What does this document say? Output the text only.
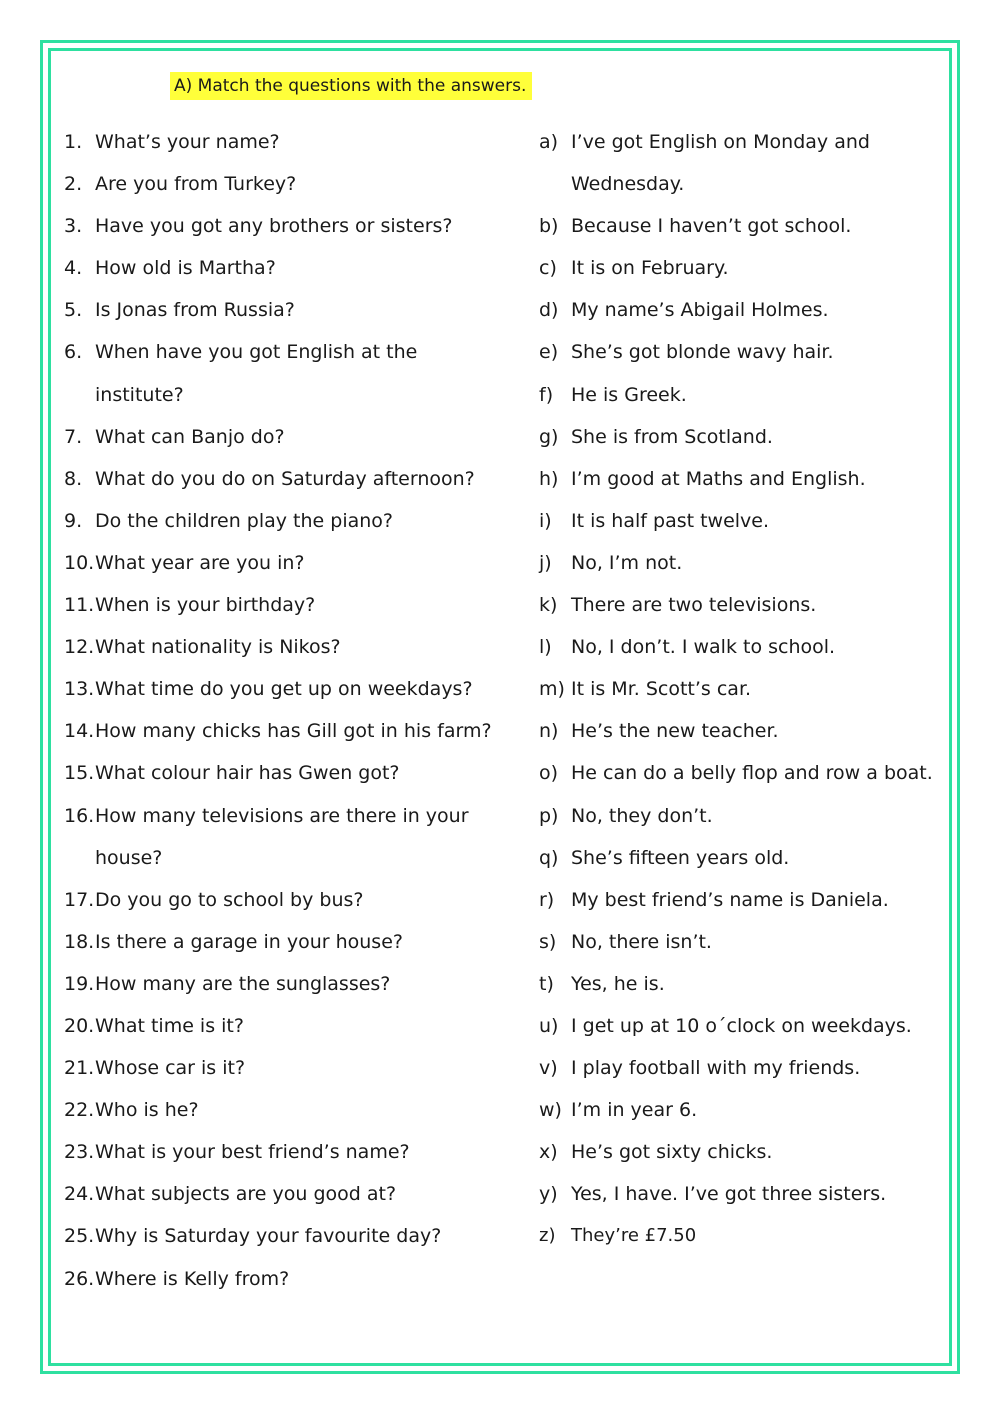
A) Match the questions with the answers.
1. What’s your name?
2. Are you from Turkey?
3. Have you got any brothers or sisters?
4. How old is Martha?
5. Is Jonas from Russia?
6. When have you got English at the
institute?
7. What can Banjo do?
8. What do you do on Saturday afternoon?
9. Do the children play the piano?
10. What year are you in?
11. When is your birthday?
12. What nationality is Nikos?
13. What time do you get up on weekdays?
14. How many chicks has Gill got in his farm?
15. What colour hair has Gwen got?
16. How many televisions are there in your
house?
17. Do you go to school by bus?
18. Is there a garage in your house?
19. How many are the sunglasses?
20. What time is it?
21. Whose car is it?
22. Who is he?
23. What is your best friend’s name?
24. What subjects are you good at?
25. Why is Saturday your favourite day?
26. Where is Kelly from?
a) I’ve got English on Monday and
Wednesday.
b) Because I haven’t got school.
c) It is on February.
d) My name’s Abigail Holmes.
e) She’s got blonde wavy hair.
f) He is Greek.
g) She is from Scotland.
h) I’m good at Maths and English.
i)	It is half past twelve.
j)	No, I’m not.
k) There are two televisions.
l)	No, I don’t. I walk to school.
m) It is Mr. Scott’s car.
n) He’s the new teacher.
o) He can do a belly flop and row a boat.
p) No, they don’t.
q) She’s fifteen years old.
r) My best friend’s name is Daniela.
s) No, there isn’t.
t) Yes, he is.
u) I get up at 10 o´clock on weekdays.
v) I play football with my friends.
w) I’m in year 6.
x) He’s got sixty chicks.
y) Yes, I have. I’ve got three sisters.
z) They’re £7.50
